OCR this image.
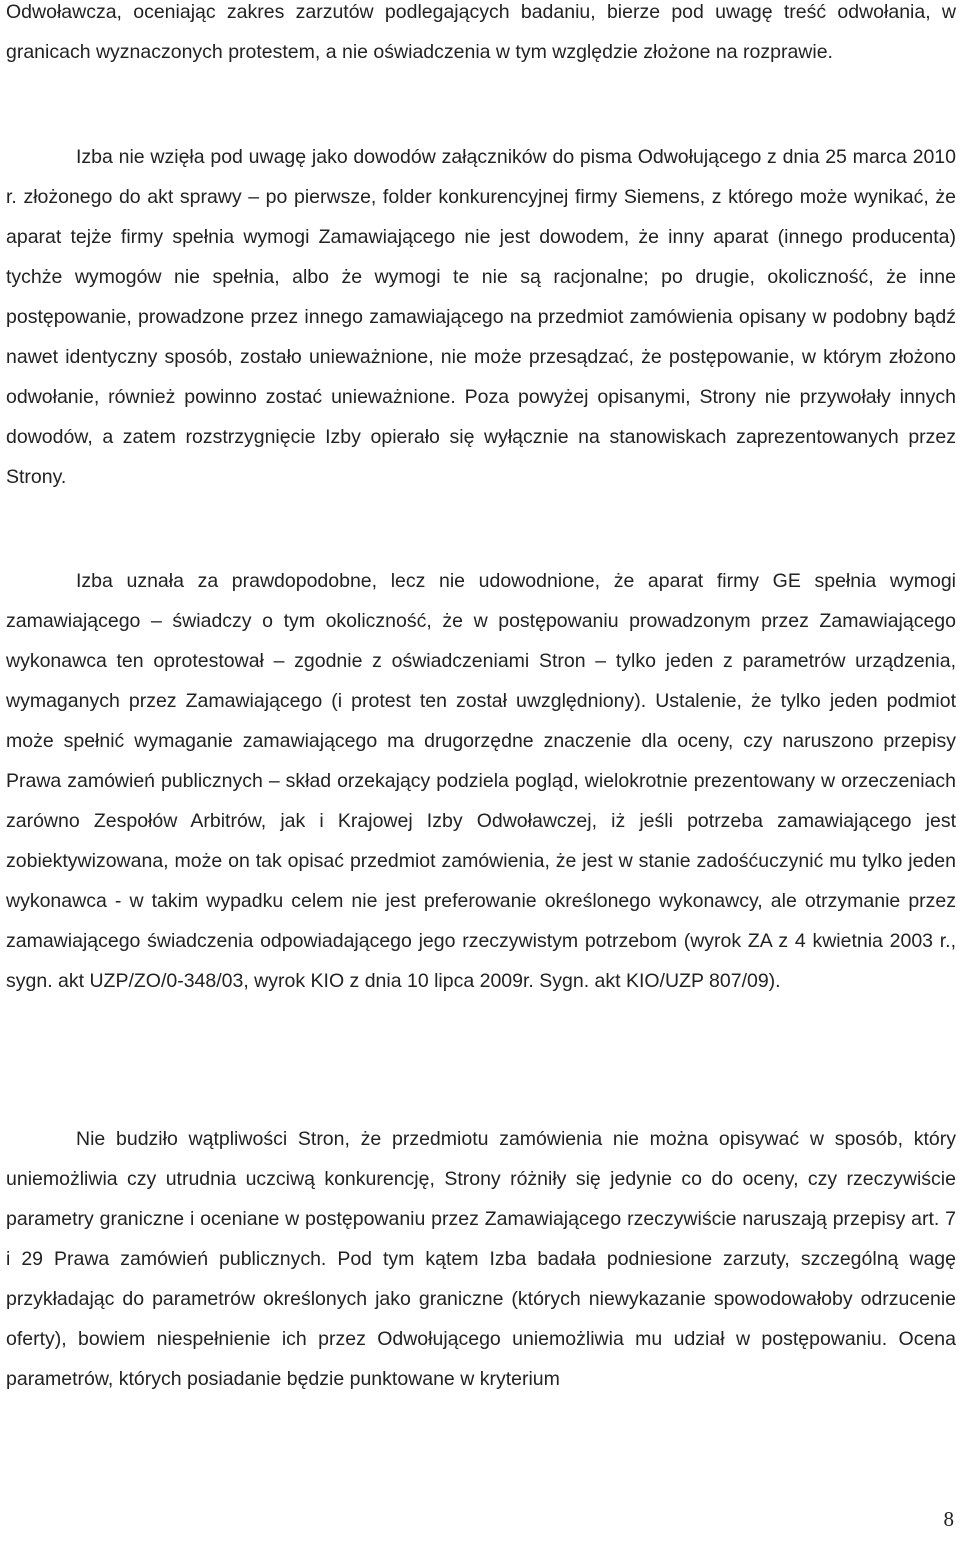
Odwoławcza, oceniając zakres zarzutów podlegających badaniu, bierze pod uwagę treść odwołania, w granicach wyznaczonych protestem, a nie oświadczenia w tym względzie złożone na rozprawie.

Izba nie wzięła pod uwagę jako dowodów załączników do pisma Odwołującego z dnia 25 marca 2010 r. złożonego do akt sprawy – po pierwsze, folder konkurencyjnej firmy Siemens, z którego może wynikać, że aparat tejże firmy spełnia wymogi Zamawiającego nie jest dowodem, że inny aparat (innego producenta) tychże wymogów nie spełnia, albo że wymogi te nie są racjonalne; po drugie, okoliczność, że inne postępowanie, prowadzone przez innego zamawiającego na przedmiot zamówienia opisany w podobny bądź nawet identyczny sposób, zostało unieważnione, nie może przesądzać, że postępowanie, w którym złożono odwołanie, również powinno zostać unieważnione. Poza powyżej opisanymi, Strony nie przywołały innych dowodów, a zatem rozstrzygnięcie Izby opierało się wyłącznie na stanowiskach zaprezentowanych przez Strony.

Izba uznała za prawdopodobne, lecz nie udowodnione, że aparat firmy GE spełnia wymogi zamawiającego – świadczy o tym okoliczność, że w postępowaniu prowadzonym przez Zamawiającego wykonawca ten oprotestował – zgodnie z oświadczeniami Stron – tylko jeden z parametrów urządzenia, wymaganych przez Zamawiającego (i protest ten został uwzględniony). Ustalenie, że tylko jeden podmiot może spełnić wymaganie zamawiającego ma drugorzędne znaczenie dla oceny, czy naruszono przepisy Prawa zamówień publicznych – skład orzekający podziela pogląd, wielokrotnie prezentowany w orzeczeniach zarówno Zespołów Arbitrów, jak i Krajowej Izby Odwoławczej, iż jeśli potrzeba zamawiającego jest zobiektywizowana, może on tak opisać przedmiot zamówienia, że jest w stanie zadośćuczynić mu tylko jeden wykonawca - w takim wypadku celem nie jest preferowanie określonego wykonawcy, ale otrzymanie przez zamawiającego świadczenia odpowiadającego jego rzeczywistym potrzebom (wyrok ZA z 4 kwietnia 2003 r., sygn. akt UZP/ZO/0-348/03, wyrok KIO z dnia 10 lipca 2009r. Sygn. akt KIO/UZP 807/09).

Nie budziło wątpliwości Stron, że przedmiotu zamówienia nie można opisywać w sposób, który uniemożliwia czy utrudnia uczciwą konkurencję, Strony różniły się jedynie co do oceny, czy rzeczywiście parametry graniczne i oceniane w postępowaniu przez Zamawiającego rzeczywiście naruszają przepisy art. 7 i 29 Prawa zamówień publicznych. Pod tym kątem Izba badała podniesione zarzuty, szczególną wagę przykładając do parametrów określonych jako graniczne (których niewykazanie spowodowałoby odrzucenie oferty), bowiem niespełnienie ich przez Odwołującego uniemożliwia mu udział w postępowaniu. Ocena parametrów, których posiadanie będzie punktowane w kryterium

8
